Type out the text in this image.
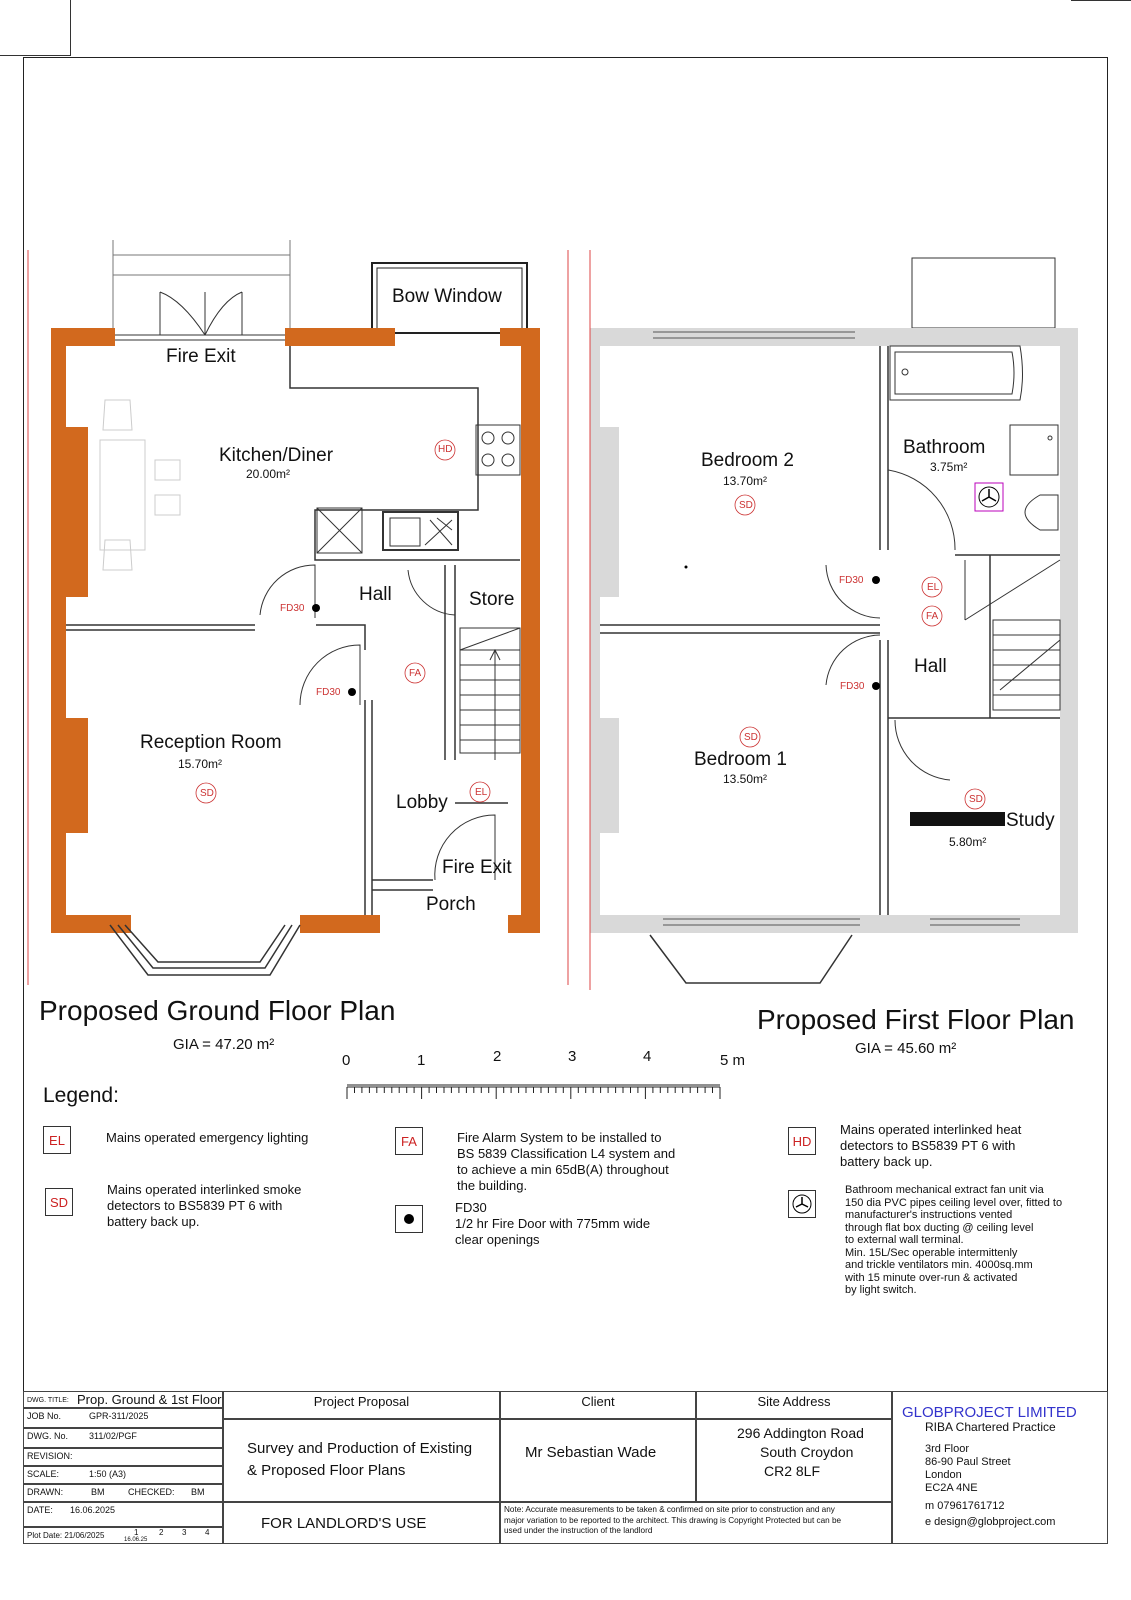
Bow Window
Fire Exit
Kitchen/Diner
20.00m²
HD
Hall	Store
FD30
FD30
FA
Reception Room
15.70m²
SD	EL
Lobby
Fire Exit
Porch
Bedroom 2
13.70m²
SD
Bathroom
3.75m²
FD30
EL
FA
Hall
FD30
SD
Bedroom 1
13.50m²
SD
Study
5.80m²
Proposed Ground Floor Plan
GIA = 47.20 m²
Proposed First Floor Plan
GIA = 45.60 m²
0	1	2	3	4	5 m
Legend:
EL	Mains operated emergency lighting
SD
Mains operated interlinked smoke
detectors to BS5839 PT 6 with
battery back up.
FA	Fire Alarm System to be installed to
BS 5839 Classification L4 system and
to achieve a min 65dB(A) throughout
the building.
FD30
1/2 hr Fire Door with 775mm wide
clear openings
HD
Mains operated interlinked heat
detectors to BS5839 PT 6 with
battery back up.
Bathroom mechanical extract fan unit via
150 dia PVC pipes ceiling level over, fitted to
manufacturer's instructions vented
through flat box ducting @ ceiling level
to external wall terminal.
Min. 15L/Sec operable intermittenly
and trickle ventilators min. 4000sq.mm
with 15 minute over-run & activated
by light switch.
DWG. TITLE: Prop. Ground & 1st Floor
JOB No.	GPR-311/2025
DWG. No. 311/02/PGF
REVISION:
SCALE:	1:50 (A3)
DRAWN:	BM	CHECKED: BM
DATE: 16.06.2025
Plot Date: 21/06/2025	1	2 3 4
16.06.25
Project Proposal
Survey and Production of Existing
& Proposed Floor Plans
FOR LANDLORD'S USE
Client
Mr Sebastian Wade
Site Address
296 Addington Road
South Croydon
CR2 8LF
Note: Accurate measurements to be taken & confirmed on site prior to construction and any
major variation to be reported to the architect. This drawing is Copyright Protected but can be
used under the instruction of the landlord
GLOBPROJECT LIMITED
RIBA Chartered Practice
3rd Floor
86-90 Paul Street
London
EC2A 4NE
m 07961761712
e design@globproject.com
